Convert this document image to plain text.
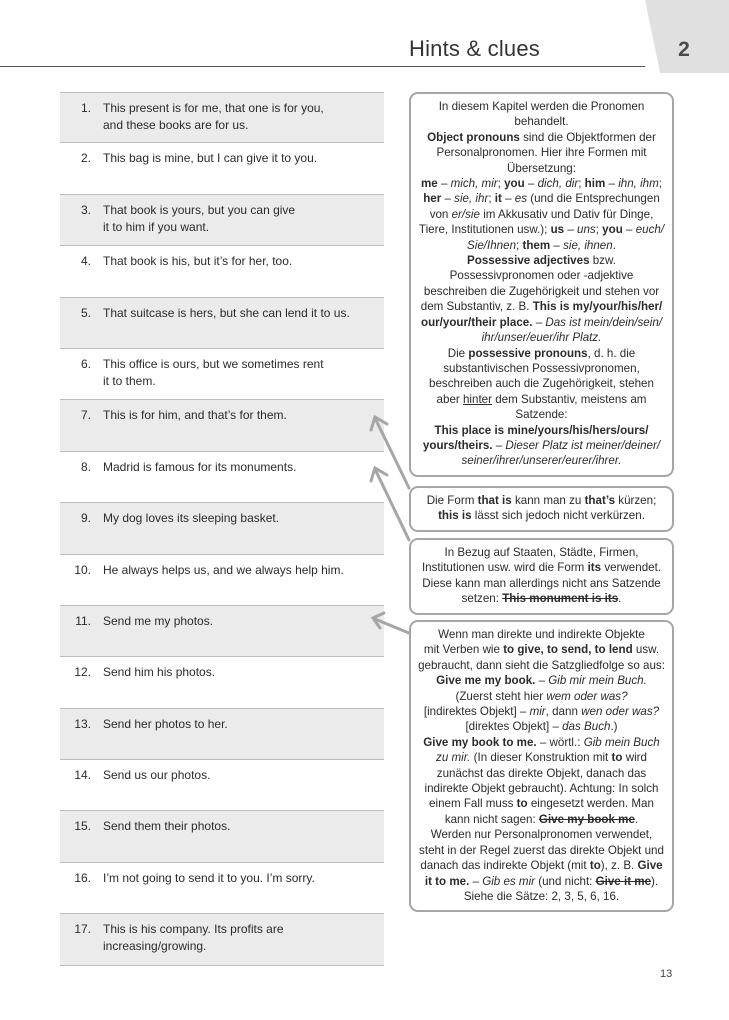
2
Hints & clues
1. This present is for me, that one is for you,
and these books are for us.
2. This bag is mine, but I can give it to you.
3. That book is yours, but you can give
it to him if you want.
4. That book is his, but it’s for her, too.
5. That suitcase is hers, but she can lend it to us.
6. This office is ours, but we sometimes rent
it to them.
7. This is for him, and that’s for them.
8. Madrid is famous for its monuments.
9. My dog loves its sleeping basket.
10. He always helps us, and we always help him.
11. Send me my photos.
12. Send him his photos.
13. Send her photos to her.
14. Send us our photos.
15. Send them their photos.
16. I’m not going to send it to you. I’m sorry.
17. This is his company. Its profits are
increasing/growing.
In diesem Kapitel werden die Pronomen
behandelt.
Object pronouns sind die Objektformen der
Personalpronomen. Hier ihre Formen mit
Übersetzung:
me – mich, mir; you – dich, dir; him – ihn, ihm;
her – sie, ihr; it – es (und die Entsprechungen
von er/sie im Akkusativ und Dativ für Dinge,
Tiere, Institutionen usw.); us – uns; you – euch/
Sie/Ihnen; them – sie, ihnen.
Possessive adjectives bzw.
Possessivpronomen oder -adjektive
beschreiben die Zugehörigkeit und stehen vor
dem Substantiv, z. B. This is my/your/his/her/
our/your/their place. – Das ist mein/dein/sein/
ihr/unser/euer/ihr Platz.
Die possessive pronouns, d. h. die
substantivischen Possessivpronomen,
beschreiben auch die Zugehörigkeit, stehen
aber hinter dem Substantiv, meistens am
Satzende:
This place is mine/yours/his/hers/ours/
yours/theirs. – Dieser Platz ist meiner/deiner/
seiner/ihrer/unserer/eurer/ihrer.
Die Form that is kann man zu that’s kürzen;
this is lässt sich jedoch nicht verkürzen.
In Bezug auf Staaten, Städte, Firmen,
Institutionen usw. wird die Form its verwendet.
Diese kann man allerdings nicht ans Satzende
setzen: This monument is its.
Wenn man direkte und indirekte Objekte
mit Verben wie to give, to send, to lend usw.
gebraucht, dann sieht die Satzgliedfolge so aus:
Give me my book. – Gib mir mein Buch.
(Zuerst steht hier wem oder was?
[indirektes Objekt] – mir, dann wen oder was?
[direktes Objekt] – das Buch.)
Give my book to me. – wörtl.: Gib mein Buch
zu mir. (In dieser Konstruktion mit to wird
zunächst das direkte Objekt, danach das
indirekte Objekt gebraucht). Achtung: In solch
einem Fall muss to eingesetzt werden. Man
kann nicht sagen: Give my book me.
Werden nur Personalpronomen verwendet,
steht in der Regel zuerst das direkte Objekt und
danach das indirekte Objekt (mit to), z. B. Give
it to me. – Gib es mir (und nicht: Give it me).
Siehe die Sätze: 2, 3, 5, 6, 16.
13
